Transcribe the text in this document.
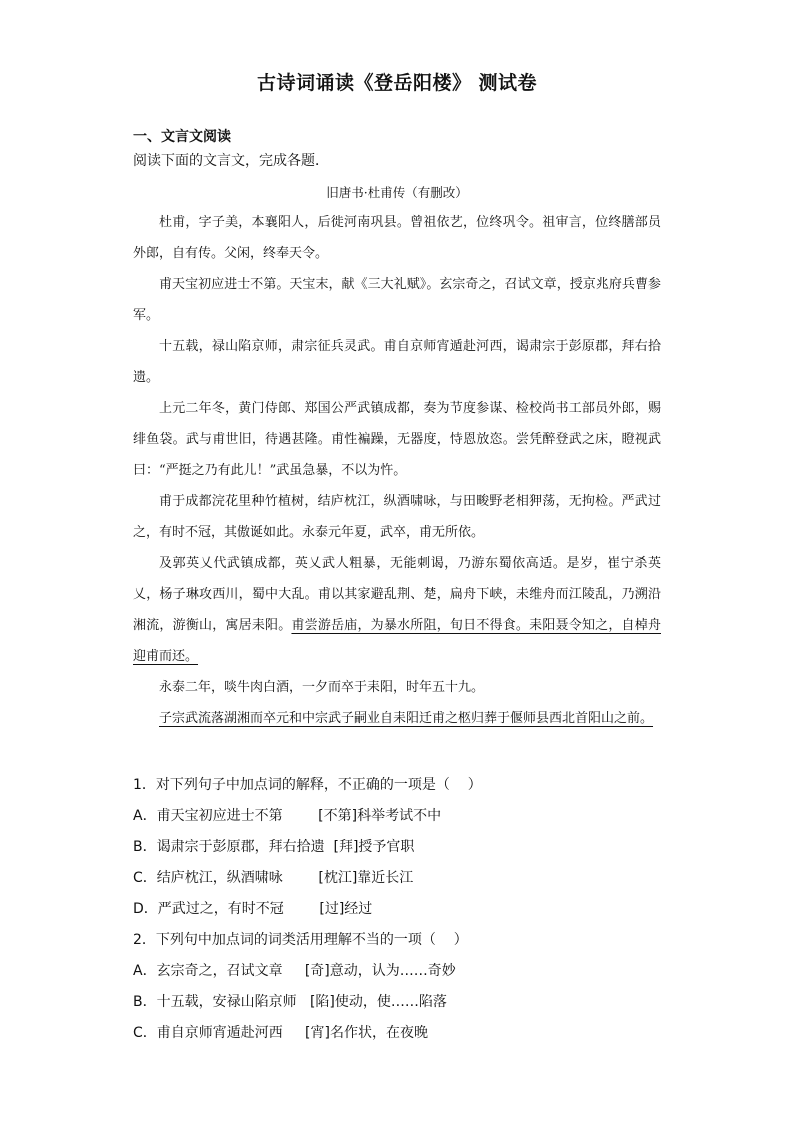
古诗词诵读《登岳阳楼》 测试卷
一、文言文阅读
阅读下面的文言文，完成各题．
旧唐书·杜甫传（有删改）

杜甫，字子美，本襄阳人，后徙河南巩县。曾祖依艺，位终巩令。祖审言，位终膳部员外郎，自有传。父闲，终奉天令。

甫天宝初应进士不第。天宝末，献《三大礼赋》。玄宗奇之，召试文章，授京兆府兵曹参军。

十五载，禄山陷京师，肃宗征兵灵武。甫自京师宵遁赴河西，谒肃宗于彭原郡，拜右拾遗。

上元二年冬，黄门侍郎、郑国公严武镇成都，奏为节度参谋、检校尚书工部员外郎，赐绯鱼袋。武与甫世旧，待遇甚隆。甫性褊躁，无器度，恃恩放恣。尝凭醉登武之床，瞪视武曰：“严挺之乃有此儿！”武虽急暴，不以为忤。

甫于成都浣花里种竹植树，结庐枕江，纵酒啸咏，与田畯野老相狎荡，无拘检。严武过之，有时不冠，其傲诞如此。永泰元年夏，武卒，甫无所依。

及郭英乂代武镇成都，英乂武人粗暴，无能刺谒，乃游东蜀依高适。是岁，崔宁杀英乂，杨子琳攻西川，蜀中大乱。甫以其家避乱荆、楚，扁舟下峡，未维舟而江陵乱，乃溯沿湘流，游衡山，寓居耒阳。甫尝游岳庙，为暴水所阻，旬日不得食。耒阳聂令知之，自棹舟迎甫而还。

永泰二年，啖牛肉白酒，一夕而卒于耒阳，时年五十九。

子宗武流落湖湘而卒元和中宗武子嗣业自耒阳迁甫之柩归葬于偃师县西北首阳山之前。

1．对下列句子中加点词的解释，不正确的一项是（    ）
A．甫天宝初应进士不第        [不第]科举考试不中
B．谒肃宗于彭原郡，拜右拾遗  [拜]授予官职
C．结庐枕江，纵酒啸咏        [枕江]靠近长江
D．严武过之，有时不冠        [过]经过
2．下列句中加点词的词类活用理解不当的一项（    ）
A．玄宗奇之，召试文章     [奇]意动，认为……奇妙
B．十五载，安禄山陷京师   [陷]使动，使……陷落
C．甫自京师宵遁赴河西     [宵]名作状，在夜晚
